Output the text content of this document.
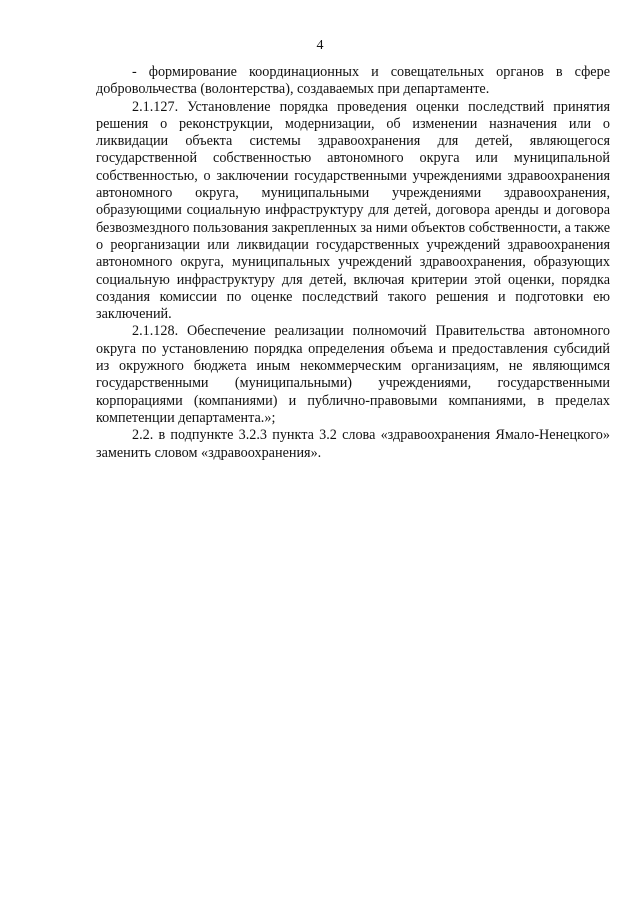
4

- формирование координационных и совещательных органов в сфере добровольчества (волонтерства), создаваемых при департаменте.

2.1.127. Установление порядка проведения оценки последствий принятия решения о реконструкции, модернизации, об изменении назначения или о ликвидации объекта системы здравоохранения для детей, являющегося государственной собственностью автономного округа или муниципальной собственностью, о заключении государственными учреждениями здравоохранения автономного округа, муниципальными учреждениями здравоохранения, образующими социальную инфраструктуру для детей, договора аренды и договора безвозмездного пользования закрепленных за ними объектов собственности, а также о реорганизации или ликвидации государственных учреждений здравоохранения автономного округа, муниципальных учреждений здравоохранения, образующих социальную инфраструктуру для детей, включая критерии этой оценки, порядка создания комиссии по оценке последствий такого решения и подготовки ею заключений.

2.1.128. Обеспечение реализации полномочий Правительства автономного округа по установлению порядка определения объема и предоставления субсидий из окружного бюджета иным некоммерческим организациям, не являющимся государственными (муниципальными) учреждениями, государственными корпорациями (компаниями) и публично-правовыми компаниями, в пределах компетенции департамента.»;

2.2. в подпункте 3.2.3 пункта 3.2 слова «здравоохранения Ямало-Ненецкого» заменить словом «здравоохранения».
